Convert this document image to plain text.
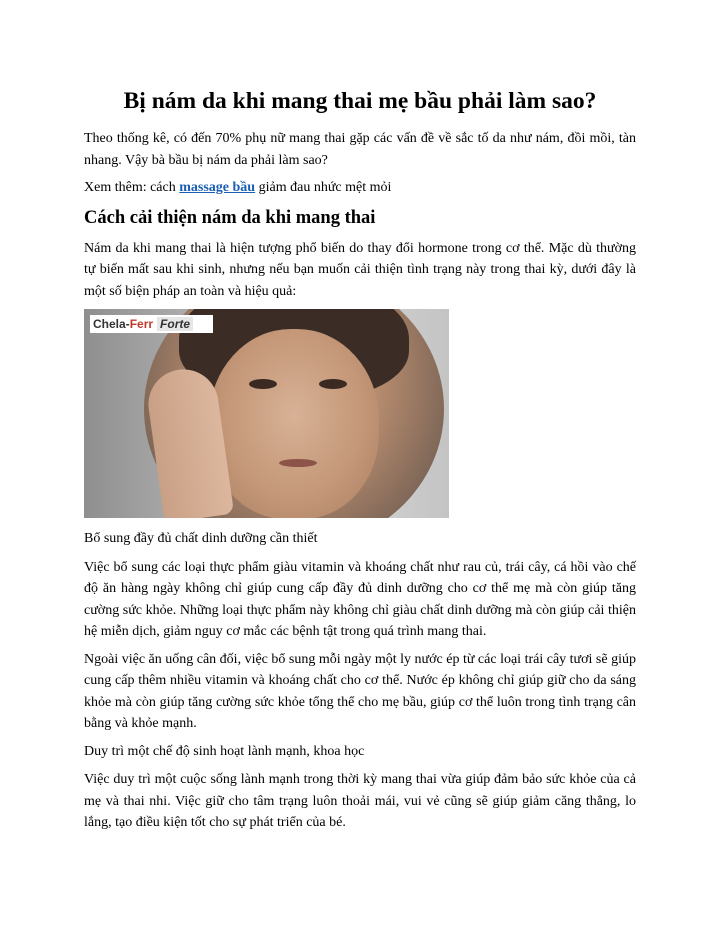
Bị nám da khi mang thai mẹ bầu phải làm sao?

Theo thống kê, có đến 70% phụ nữ mang thai gặp các vấn đề về sắc tố da như nám, đồi mồi, tàn nhang. Vậy bà bầu bị nám da phải làm sao?

Xem thêm: cách massage bầu giảm đau nhức mệt mỏi

Cách cải thiện nám da khi mang thai

Nám da khi mang thai là hiện tượng phổ biến do thay đổi hormone trong cơ thể. Mặc dù thường tự biến mất sau khi sinh, nhưng nếu bạn muốn cải thiện tình trạng này trong thai kỳ, dưới đây là một số biện pháp an toàn và hiệu quả:

Chela-Ferr Forte

Bổ sung đầy đủ chất dinh dưỡng cần thiết

Việc bổ sung các loại thực phẩm giàu vitamin và khoáng chất như rau củ, trái cây, cá hồi vào chế độ ăn hàng ngày không chỉ giúp cung cấp đầy đủ dinh dưỡng cho cơ thể mẹ mà còn giúp tăng cường sức khỏe. Những loại thực phẩm này không chỉ giàu chất dinh dưỡng mà còn giúp cải thiện hệ miễn dịch, giảm nguy cơ mắc các bệnh tật trong quá trình mang thai.

Ngoài việc ăn uống cân đối, việc bổ sung mỗi ngày một ly nước ép từ các loại trái cây tươi sẽ giúp cung cấp thêm nhiều vitamin và khoáng chất cho cơ thể. Nước ép không chỉ giúp giữ cho da sáng khỏe mà còn giúp tăng cường sức khỏe tổng thể cho mẹ bầu, giúp cơ thể luôn trong tình trạng cân bằng và khỏe mạnh.

Duy trì một chế độ sinh hoạt lành mạnh, khoa học

Việc duy trì một cuộc sống lành mạnh trong thời kỳ mang thai vừa giúp đảm bảo sức khỏe của cả mẹ và thai nhi. Việc giữ cho tâm trạng luôn thoải mái, vui vẻ cũng sẽ giúp giảm căng thẳng, lo lắng, tạo điều kiện tốt cho sự phát triển của bé.
